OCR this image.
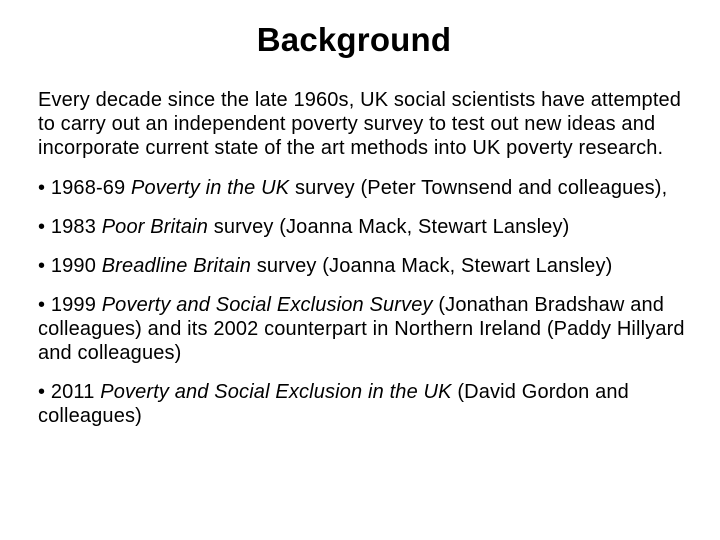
Background

Every decade since the late 1960s, UK social scientists have attempted to carry out an independent poverty survey to test out new ideas and incorporate current state of the art methods into UK poverty research.

• 1968-69 Poverty in the UK survey (Peter Townsend and colleagues),

• 1983 Poor Britain survey (Joanna Mack, Stewart Lansley)

• 1990 Breadline Britain survey (Joanna Mack, Stewart Lansley)

• 1999 Poverty and Social Exclusion Survey (Jonathan Bradshaw and colleagues) and its 2002 counterpart in Northern Ireland (Paddy Hillyard and colleagues)

• 2011 Poverty and Social Exclusion in the UK (David Gordon and colleagues)
